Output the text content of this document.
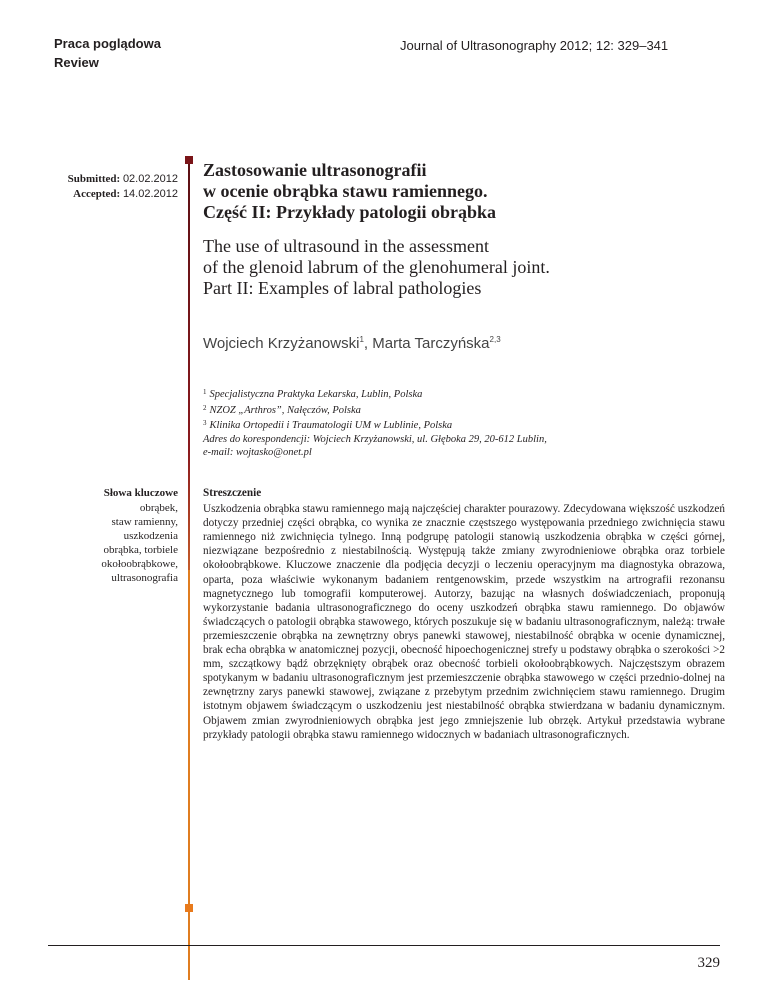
Praca poglądowa
Review
Journal of Ultrasonography 2012; 12: 329–341
Submitted: 02.02.2012
Accepted: 14.02.2012
Zastosowanie ultrasonografii
w ocenie obrąbka stawu ramiennego.
Część II: Przykłady patologii obrąbka
The use of ultrasound in the assessment
of the glenoid labrum of the glenohumeral joint.
Part II: Examples of labral pathologies
Wojciech Krzyżanowski$^1$, Marta Tarczyńska$^{2,3}$
$^1$ Specjalistyczna Praktyka Lekarska, Lublin, Polska
$^2$ NZOZ „Arthros”, Nałęczów, Polska
$^3$ Klinika Ortopedii i Traumatologii UM w Lublinie, Polska
Adres do korespondencji: Wojciech Krzyżanowski, ul. Głęboka 29, 20-612 Lublin,
e-mail: wojtasko@onet.pl
Słowa kluczowe
obrąbek,
staw ramienny,
uszkodzenia
obrąbka, torbiele
okołoobrąbkowe,
ultrasonografia
Streszczenie
Uszkodzenia obrąbka stawu ramiennego mają najczęściej charakter pourazowy. Zdecydowana większość uszkodzeń dotyczy przedniej części obrąbka, co wynika ze znacznie częstszego występowania przedniego zwichnięcia stawu ramiennego niż zwichnięcia tylnego. Inną podgrupę patologii stanowią uszkodzenia obrąbka w części górnej, niezwiązane bezpośrednio z niestabilnością. Występują także zmiany zwyrodnieniowe obrąbka oraz torbiele okołoobrąbkowe. Kluczowe znaczenie dla podjęcia decyzji o leczeniu operacyjnym ma diagnostyka obrazowa, oparta, poza właściwie wykonanym badaniem rentgenowskim, przede wszystkim na artrografii rezonansu magnetycznego lub tomografii komputerowej. Autorzy, bazując na własnych doświadczeniach, proponują wykorzystanie badania ultrasonograficznego do oceny uszkodzeń obrąbka stawu ramiennego. Do objawów świadczących o patologii obrąbka stawowego, których poszukuje się w badaniu ultrasonograficznym, należą: trwałe przemieszczenie obrąbka na zewnętrzny obrys panewki stawowej, niestabilność obrąbka w ocenie dynamicznej, brak echa obrąbka w anatomicznej pozycji, obecność hipoechogenicznej strefy u podstawy obrąbka o szerokości >2 mm, szczątkowy bądź obrzęknięty obrąbek oraz obecność torbieli okołoobrąbkowych. Najczęstszym obrazem spotykanym w badaniu ultrasonograficznym jest przemieszczenie obrąbka stawowego w części przednio-dolnej na zewnętrzny zarys panewki stawowej, związane z przebytym przednim zwichnięciem stawu ramiennego. Drugim istotnym objawem świadczącym o uszkodzeniu jest niestabilność obrąbka stwierdzana w badaniu dynamicznym. Objawem zmian zwyrodnieniowych obrąbka jest jego zmniejszenie lub obrzęk. Artykuł przedstawia wybrane przykłady patologii obrąbka stawu ramiennego widocznych w badaniach ultrasonograficznych.
329
